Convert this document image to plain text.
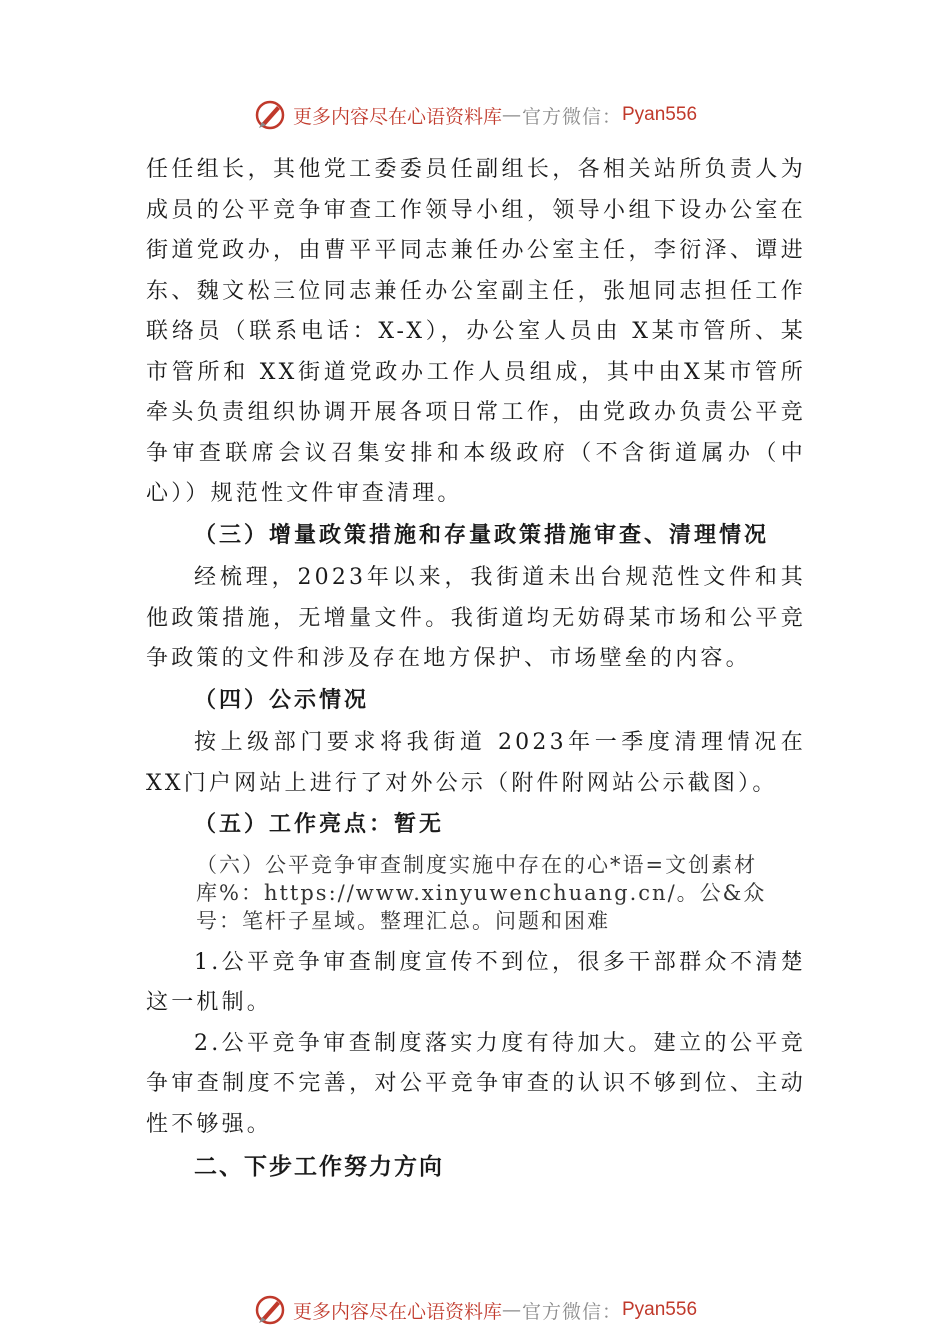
更多内容尽在心语资料库 — 官方微信： Pyan556

任任组长，其他党工委委员任副组长，各相关站所负责人为成员的公平竞争审查工作领导小组，领导小组下设办公室在街道党政办，由曹平平同志兼任办公室主任，李衍泽、谭进东、魏文松三位同志兼任办公室副主任，张旭同志担任工作联络员（联系电话：X-X），办公室人员由 X某市管所、某市管所和 XX街道党政办工作人员组成，其中由X某市管所牵头负责组织协调开展各项日常工作，由党政办负责公平竞争审查联席会议召集安排和本级政府（不含街道属办（中心））规范性文件审查清理。

（三）增量政策措施和存量政策措施审查、清理情况

经梳理，2023年以来，我街道未出台规范性文件和其他政策措施，无增量文件。我街道均无妨碍某市场和公平竞争政策的文件和涉及存在地方保护、市场壁垒的内容。

（四）公示情况

按上级部门要求将我街道 2023年一季度清理情况在XX门户网站上进行了对外公示（附件附网站公示截图）。

（五）工作亮点：暂无

（六）公平竞争审查制度实施中存在的心*语=文创素材库%：https://www.xinyuwenchuang.cn/。公&众号：笔杆子星域。整理汇总。问题和困难

1.公平竞争审查制度宣传不到位，很多干部群众不清楚这一机制。

2.公平竞争审查制度落实力度有待加大。建立的公平竞争审查制度不完善，对公平竞争审查的认识不够到位、主动性不够强。

二、下步工作努力方向

更多内容尽在心语资料库 — 官方微信： Pyan556
